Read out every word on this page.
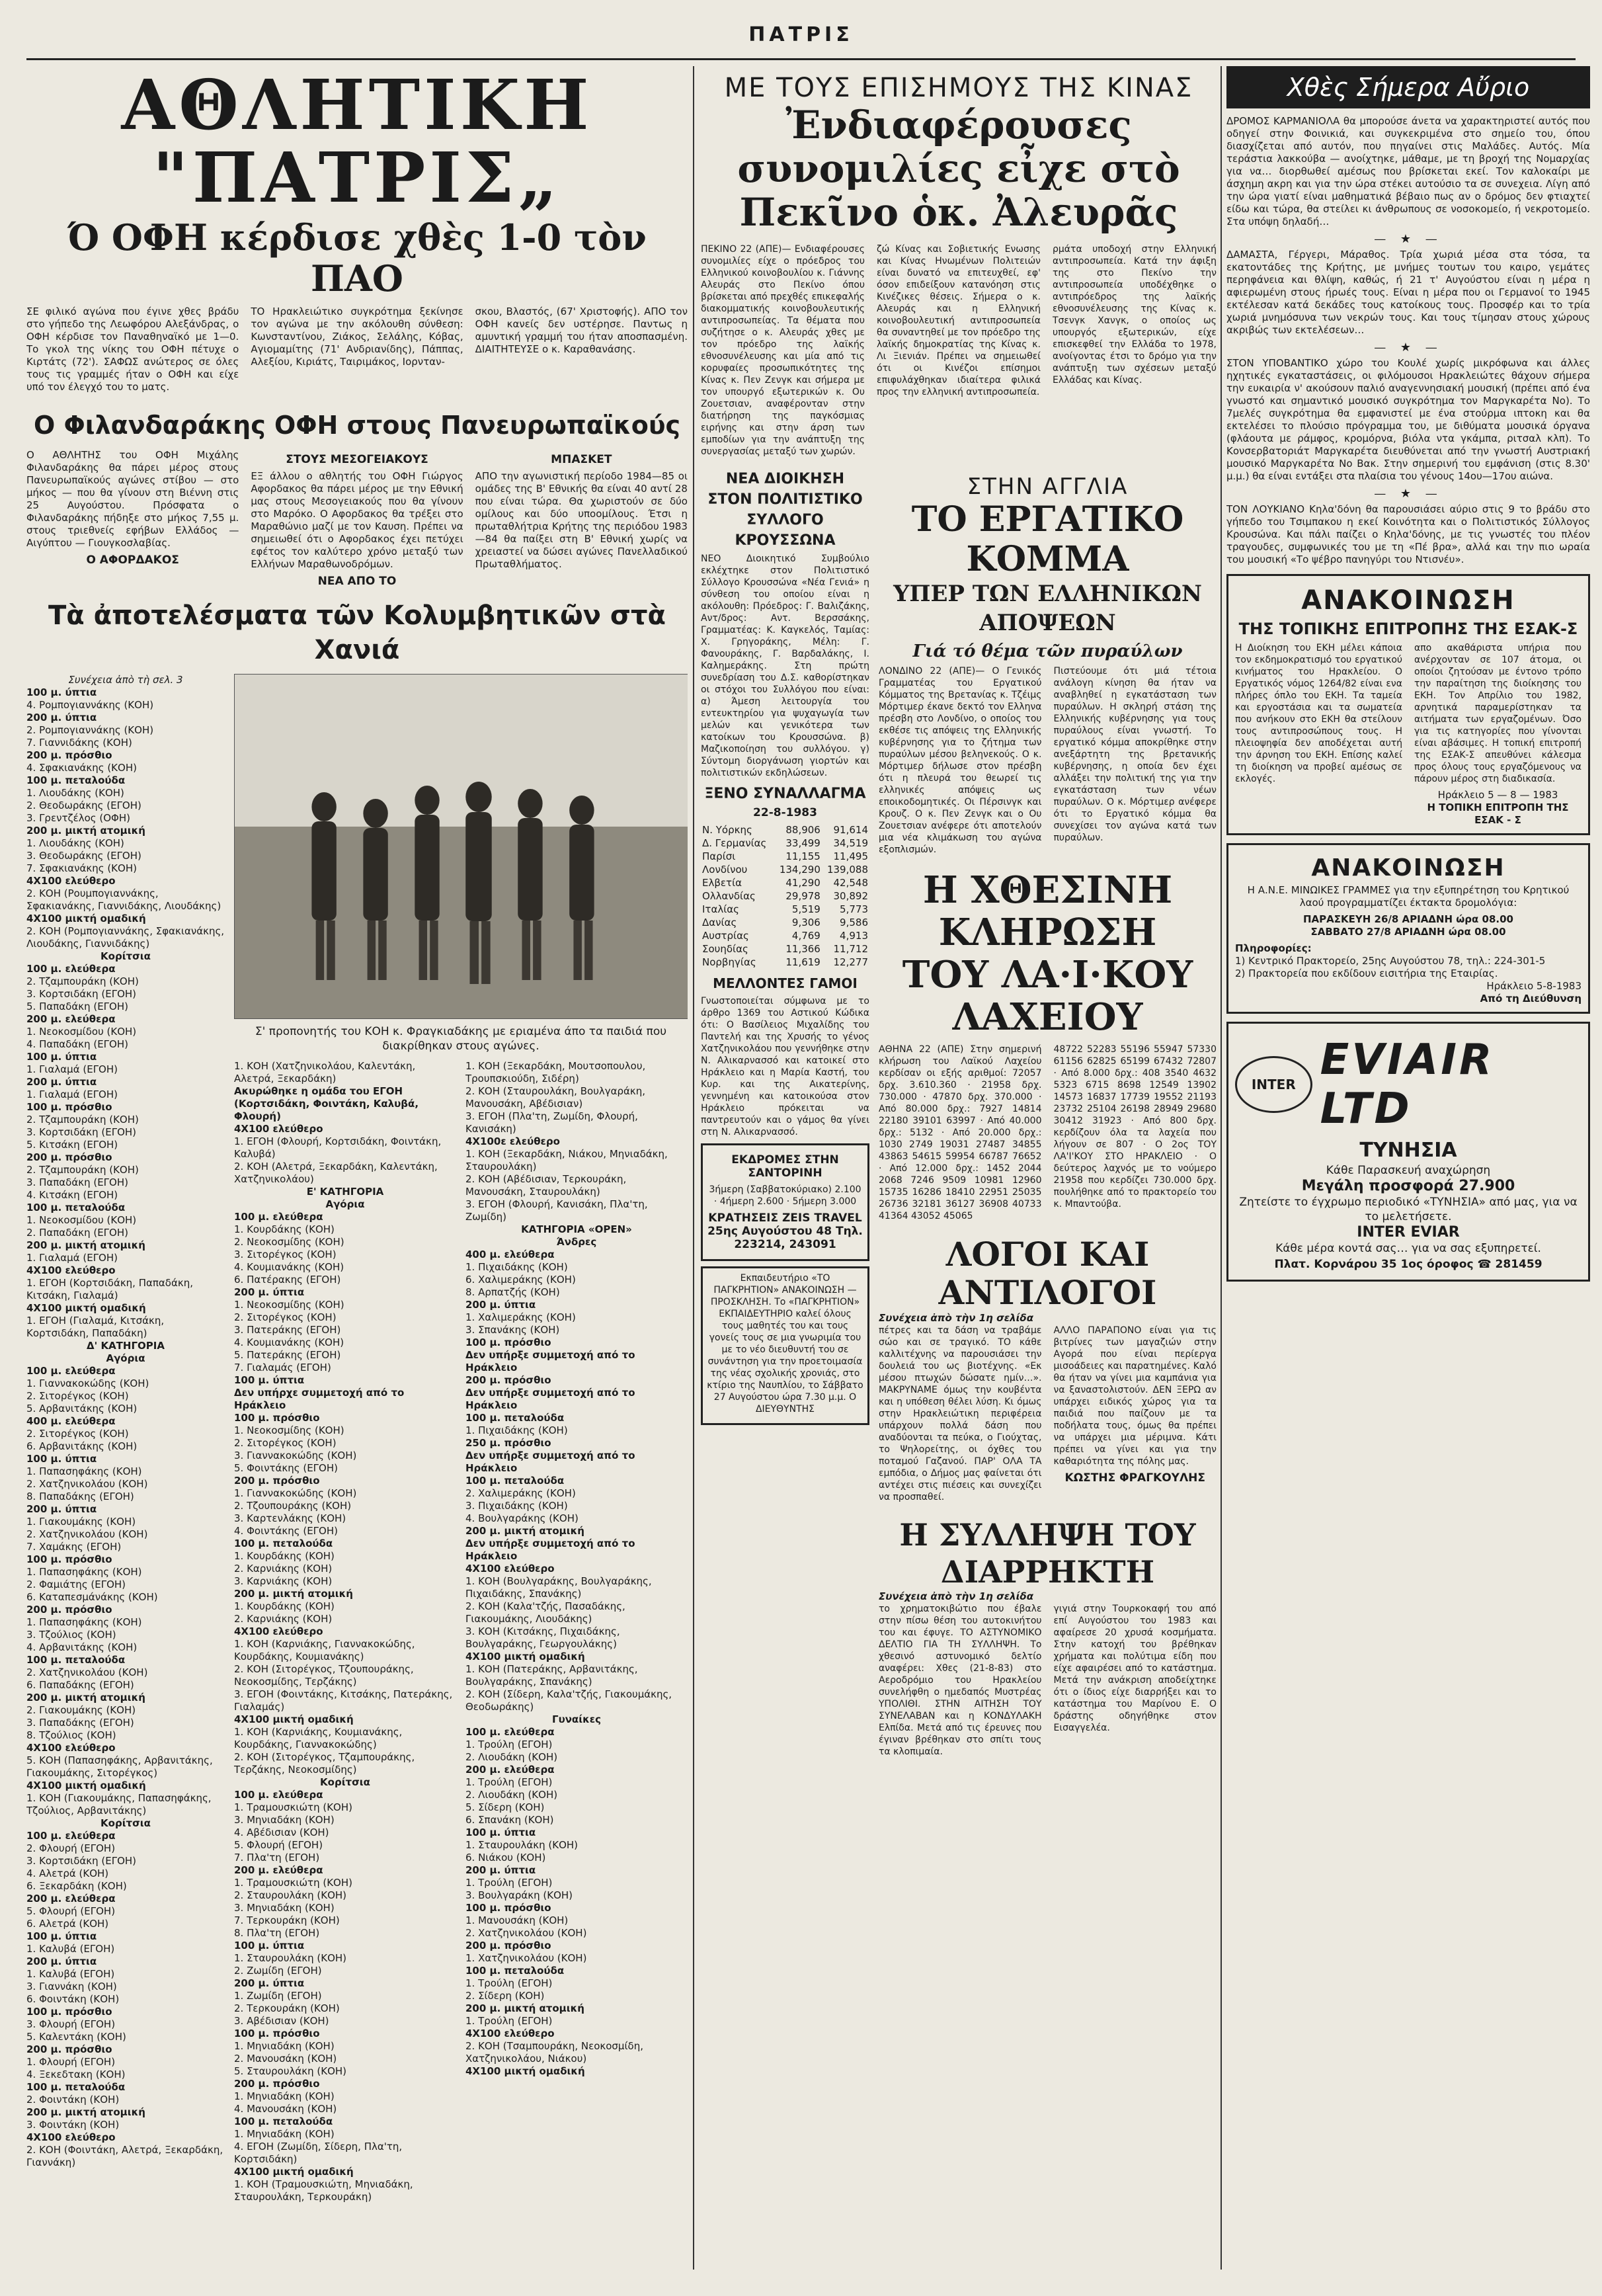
ΠΑΤΡΙΣ
ΑΘΛΗΤΙΚΗ "ΠΑΤΡΙΣ„
Ό ΟΦΗ κέρδισε χθὲς 1-0 τὸν ΠΑΟ

ΣΕ φιλικό αγώνα που έγινε χθες βράδυ στο γήπεδο της Λεωφόρου Αλεξάνδρας, ο ΟΦΗ κέρδισε τον Παναθηναϊκό με 1—0. Το γκολ της νίκης του ΟΦΗ πέτυχε ο Κιρτάτς (72'). ΣΑΦΩΣ ανώτερος σε όλες τους τις γραμμές ήταν ο ΟΦΗ και είχε υπό τον έλεγχό του το ματς.

ΤΟ Ηρακλειώτικο συγκρότημα ξεκίνησε τον αγώνα με την ακόλουθη σύνθεση: Κωνσταντίνου, Ζιάκος, Σελάλης, Κόβας, Αγιομαμίτης (71' Ανδριανίδης), Πάππας, Αλεξίου, Κιριάτς, Ταιριμάκος, Ιορνταν-

σκου, Βλαστός, (67' Χριστοφής). ΑΠΟ τον ΟΦΗ κανείς δεν υστέρησε. Παντως η αμυντική γραμμή του ήταν αποσπασμένη. ΔΙΑΙΤΗΤΕΥΣΕ ο κ. Καραθανάσης.

Ο Φιλανδαράκης ΟΦΗ στους Πανευρωπαϊκούς

Ο ΑΘΛΗΤΗΣ του ΟΦΗ Μιχάλης Φιλανδαράκης θα πάρει μέρος στους Πανευρωπαϊκούς αγώνες στίβου — στο μήκος — που θα γίνουν στη Βιέννη στις 25 Αυγούστου. Πρόσφατα ο Φιλανδαράκης πήδηξε στο μήκος 7,55 μ. στους τριεθνείς εφήβων Ελλάδος — Αιγύπτου — Γιουγκοσλαβίας.

Ο ΑΦΟΡΔΑΚΟΣ
ΣΤΟΥΣ ΜΕΣΟΓΕΙΑΚΟΥΣ

ΕΞ άλλου ο αθλητής του ΟΦΗ Γιώργος Αφορδακος θα πάρει μέρος με την Εθνική μας στους Μεσογειακούς που θα γίνουν στο Μαρόκο. Ο Αφορδακος θα τρέξει στο Μαραθώνιο μαζί με τον Καυση. Πρέπει να σημειωθεί ότι ο Αφορδακος έχει πετύχει εφέτος τον καλύτερο χρόνο μεταξύ των Ελλήνων Μαραθωνοδρόμων.

ΝΕΑ ΑΠΟ ΤΟ
ΜΠΑΣΚΕΤ

ΑΠΟ την αγωνιστική περίοδο 1984—85 οι ομάδες της Β' Εθνικής θα είναι 40 αντί 28 που είναι τώρα. Θα χωριστούν σε δύο ομίλους και δύο υποομίλους. Έτσι η πρωταθλήτρια Κρήτης της περιόδου 1983—84 θα παίξει στη Β' Εθνική χωρίς να χρειαστεί να δώσει αγώνες Πανελλαδικού Πρωταθλήματος.

Τὰ ἀποτελέσματα τῶν Κολυμβητικῶν στὰ Χανιά

Συνέχεια ἀπὸ τὴ σελ. 3

100 μ. ύπτια

4. Ρομπογιαννάκης (ΚΟΗ)

200 μ. ύπτια

2. Ρομπογιαννάκης (ΚΟΗ)

7. Γιαννιδάκης (ΚΟΗ)

200 μ. πρόσθιο

4. Σφακιανάκης (ΚΟΗ)

100 μ. πεταλούδα

1. Λιουδάκης (ΚΟΗ)

2. Θεοδωράκης (ΕΓΟΗ)

3. Γρεντζέλος (ΟΦΗ)

200 μ. μικτή ατομική

1. Λιουδάκης (ΚΟΗ)

3. Θεοδωράκης (ΕΓΟΗ)

7. Σφακιανάκης (ΚΟΗ)

4Χ100 ελεύθερο

2. ΚΟΗ (Ρουμπογιαννάκης, Σφακιανάκης, Γιαννιδάκης, Λιουδάκης)

4Χ100 μικτή ομαδική

2. ΚΟΗ (Ρομπογιαννάκης, Σφακιανάκης, Λιουδάκης, Γιαννιδάκης)

Κορίτσια

100 μ. ελεύθερα

2. Τζαμπουράκη (ΚΟΗ)

3. Κορτσιδάκη (ΕΓΟΗ)

5. Παπαδάκη (ΕΓΟΗ)

200 μ. ελεύθερα

1. Νεοκοσμίδου (ΚΟΗ)

4. Παπαδάκη (ΕΓΟΗ)

100 μ. ύπτια

1. Γιαλαμά (ΕΓΟΗ)

200 μ. ύπτια

1. Γιαλαμά (ΕΓΟΗ)

100 μ. πρόσθιο

2. Τζαμπουράκη (ΚΟΗ)

3. Κορτσιδάκη (ΕΓΟΗ)

5. Κιτσάκη (ΕΓΟΗ)

200 μ. πρόσθιο

2. Τζαμπουράκη (ΚΟΗ)

3. Παπαδάκη (ΕΓΟΗ)

4. Κιτσάκη (ΕΓΟΗ)

100 μ. πεταλούδα

1. Νεοκοσμίδου (ΚΟΗ)

2. Παπαδάκη (ΕΓΟΗ)

200 μ. μικτή ατομική

1. Γιαλαμά (ΕΓΟΗ)

4Χ100 ελεύθερο

1. ΕΓΟΗ (Κορτσιδάκη, Παπαδάκη, Κιτσάκη, Γιαλαμά)

4Χ100 μικτή ομαδική

1. ΕΓΟΗ (Γιαλαμά, Κιτσάκη, Κορτσιδάκη, Παπαδάκη)

Δ' ΚΑΤΗΓΟΡΙΑ

Αγόρια

100 μ. ελεύθερα

1. Γιαννακοκώδης (ΚΟΗ)

2. Σιτορέγκος (ΚΟΗ)

5. Αρβανιτάκης (ΚΟΗ)

400 μ. ελεύθερα

2. Σιτορέγκος (ΚΟΗ)

6. Αρβανιτάκης (ΚΟΗ)

100 μ. ύπτια

1. Παπασηφάκης (ΚΟΗ)

2. Χατζηνικολάου (ΚΟΗ)

8. Παπαδάκης (ΕΓΟΗ)

200 μ. ύπτια

1. Γιακουμάκης (ΚΟΗ)

2. Χατζηνικολάου (ΚΟΗ)

7. Χαμάκης (ΕΓΟΗ)

100 μ. πρόσθιο

1. Παπασηφάκης (ΚΟΗ)

2. Φαμιάτης (ΕΓΟΗ)

6. Καταπεσμάνάκης (ΚΟΗ)

200 μ. πρόσθιο

1. Παπασηφάκης (ΚΟΗ)

3. Τζούλιος (ΚΟΗ)

4. Αρβανιτάκης (ΚΟΗ)

100 μ. πεταλούδα

2. Χατζηνικολάου (ΚΟΗ)

6. Παπαδάκης (ΕΓΟΗ)

200 μ. μικτή ατομική

2. Γιακουμάκης (ΚΟΗ)

3. Παπαδάκης (ΕΓΟΗ)

8. Τζούλιος (ΚΟΗ)

4Χ100 ελεύθερο

5. ΚΟΗ (Παπασηφάκης, Αρβανιτάκης, Γιακουμάκης, Σιτορέγκος)

4Χ100 μικτή ομαδική

1. ΚΟΗ (Γιακουμάκης, Παπασηφάκης, Τζούλιος, Αρβανιτάκης)

Κορίτσια

100 μ. ελεύθερα

2. Φλουρή (ΕΓΟΗ)

3. Κορτσιδάκη (ΕΓΟΗ)

4. Αλετρά (ΚΟΗ)

6. Ξεκαρδάκη (ΚΟΗ)

200 μ. ελεύθερα

5. Φλουρή (ΕΓΟΗ)

6. Αλετρά (ΚΟΗ)

100 μ. ύπτια

1. Καλυβά (ΕΓΟΗ)

200 μ. ύπτια

1. Καλυβά (ΕΓΟΗ)

3. Γιαννάκη (ΚΟΗ)

6. Φοιντάκη (ΚΟΗ)

100 μ. πρόσθιο

3. Φλουρή (ΕΓΟΗ)

5. Καλεντάκη (ΚΟΗ)

200 μ. πρόσθιο

1. Φλουρή (ΕΓΟΗ)

4. Ξεκεδτακη (ΚΟΗ)

100 μ. πεταλούδα

2. Φοιντάκη (ΚΟΗ)

200 μ. μικτή ατομική

3. Φοιντάκη (ΚΟΗ)

4Χ100 ελεύθερο

2. ΚΟΗ (Φοιντάκη, Αλετρά, Ξεκαρδάκη, Γιαννάκη)

Σ' προπονητής του ΚΟΗ κ. Φραγκιαδάκης με εριαμένα άπο τα παιδιά που διακρίθηκαν στους αγώνες.

1. ΚΟΗ (Χατζηνικολάου, Καλεντάκη, Αλετρά, Ξεκαρδάκη)

Ακυρώθηκε η ομάδα του ΕΓΟΗ (Κορτσιδάκη, Φοιντάκη, Καλυβά, Φλουρή)

4Χ100 ελεύθερο

1. ΕΓΟΗ (Φλουρή, Κορτσιδάκη, Φοιντάκη, Καλυβά)

2. ΚΟΗ (Αλετρά, Ξεκαρδάκη, Καλεντάκη, Χατζηνικολάου)

Ε' ΚΑΤΗΓΟΡΙΑ

Αγόρια

100 μ. ελεύθερα

1. Κουρδάκης (ΚΟΗ)

2. Νεοκοσμίδης (ΚΟΗ)

3. Σιτορέγκος (ΚΟΗ)

4. Κουμιανάκης (ΚΟΗ)

6. Πατέρακης (ΕΓΟΗ)

200 μ. ύπτια

1. Νεοκοσμίδης (ΚΟΗ)

2. Σιτορέγκος (ΚΟΗ)

3. Πατεράκης (ΕΓΟΗ)

4. Κουμιανάκης (ΚΟΗ)

5. Πατεράκης (ΕΓΟΗ)

7. Γιαλαμάς (ΕΓΟΗ)

100 μ. ύπτια

Δεν υπήρχε συμμετοχή από το Ηράκλειο

100 μ. πρόσθιο

1. Νεοκοσμίδης (ΚΟΗ)

2. Σιτορέγκος (ΚΟΗ)

3. Γιαννακοκώδης (ΚΟΗ)

5. Φοιντάκης (ΕΓΟΗ)

200 μ. πρόσθιο

1. Γιαννακοκώδης (ΚΟΗ)

2. Τζουπουράκης (ΚΟΗ)

3. Καρτενλάκης (ΚΟΗ)

4. Φοιντάκης (ΕΓΟΗ)

100 μ. πεταλούδα

1. Κουρδάκης (ΚΟΗ)

2. Καρνιάκης (ΚΟΗ)

3. Καρνιάκης (ΚΟΗ)

200 μ. μικτή ατομική

1. Κουρδάκης (ΚΟΗ)

2. Καρνιάκης (ΚΟΗ)

4Χ100 ελεύθερο

1. ΚΟΗ (Καρνιάκης, Γιαννακοκώδης, Κουρδάκης, Κουμιανάκης)

2. ΚΟΗ (Σιτορέγκος, Τζουπουράκης, Νεοκοσμίδης, Τερζάκης)

3. ΕΓΟΗ (Φοιντάκης, Κιτσάκης, Πατεράκης, Γιαλαμάς)

4Χ100 μικτή ομαδική

1. ΚΟΗ (Καρνιάκης, Κουμιανάκης, Κουρδάκης, Γιαννακοκώδης)

2. ΚΟΗ (Σιτορέγκος, Τζαμπουράκης, Τερζάκης, Νεοκοσμίδης)

Κορίτσια

100 μ. ελεύθερα

1. Τραμουσκιώτη (ΚΟΗ)

3. Μηνιαδάκη (ΚΟΗ)

4. Αβέδισιαν (ΚΟΗ)

5. Φλουρή (ΕΓΟΗ)

7. Πλα'τη (ΕΓΟΗ)

200 μ. ελεύθερα

1. Τραμουσκιώτη (ΚΟΗ)

2. Σταυρουλάκη (ΚΟΗ)

3. Μηνιαδάκη (ΚΟΗ)

7. Τερκουράκη (ΚΟΗ)

8. Πλα'τη (ΕΓΟΗ)

100 μ. ύπτια

1. Σταυρουλάκη (ΚΟΗ)

2. Ζωμίδη (ΕΓΟΗ)

200 μ. ύπτια

1. Ζωμίδη (ΕΓΟΗ)

2. Τερκουράκη (ΚΟΗ)

3. Αβέδισιαν (ΚΟΗ)

100 μ. πρόσθιο

1. Μηνιαδάκη (ΚΟΗ)

2. Μανουσάκη (ΚΟΗ)

5. Σταυρουλάκη (ΚΟΗ)

200 μ. πρόσθιο

1. Μηνιαδάκη (ΚΟΗ)

4. Μανουσάκη (ΚΟΗ)

100 μ. πεταλούδα

1. Μηνιαδάκη (ΚΟΗ)

4. ΕΓΟΗ (Ζωμίδη, Σίδερη, Πλα'τη, Κορτσιδάκη)

4Χ100 μικτή ομαδική

1. ΚΟΗ (Τραμουσκιώτη, Μηνιαδάκη, Σταυρουλάκη, Τερκουράκη)

1. ΚΟΗ (Ξεκαρδάκη, Μουτσοπουλου, Τρουπσκιούδη, Σιδέρη)

2. ΚΟΗ (Σταυρουλάκη, Βουλγαράκη, Μανουσάκη, Αβέδισιαν)

3. ΕΓΟΗ (Πλα'τη, Ζωμίδη, Φλουρή, Κανισάκη)

4Χ100ε ελεύθερο

1. ΚΟΗ (Ξεκαρδάκη, Νιάκου, Μηνιαδάκη, Σταυρουλάκη)

2. ΚΟΗ (Αβέδισιαν, Τερκουράκη, Μανουσάκη, Σταυρουλάκη)

3. ΕΓΟΗ (Φλουρή, Κανισάκη, Πλα'τη, Ζωμίδη)

ΚΑΤΗΓΟΡΙΑ «ΟΡΕΝ»

Άνδρες

400 μ. ελεύθερα

1. Πιχαιδάκης (ΚΟΗ)

6. Χαλιμεράκης (ΚΟΗ)

8. Αρπατζής (ΚΟΗ)

200 μ. ύπτια

1. Χαλιμεράκης (ΚΟΗ)

3. Σπανάκης (ΚΟΗ)

100 μ. πρόσθιο

Δεν υπήρξε συμμετοχή από το Ηράκλειο

200 μ. πρόσθιο

Δεν υπήρξε συμμετοχή από το Ηράκλειο

100 μ. πεταλούδα

1. Πιχαιδάκης (ΚΟΗ)

250 μ. πρόσθιο

Δεν υπήρξε συμμετοχή από το Ηράκλειο

100 μ. πεταλούδα

2. Χαλιμεράκης (ΚΟΗ)

3. Πιχαιδάκης (ΚΟΗ)

4. Βουλγαράκης (ΚΟΗ)

200 μ. μικτή ατομική

Δεν υπήρξε συμμετοχή από το Ηράκλειο

4Χ100 ελεύθερο

1. ΚΟΗ (Βουλγαράκης, Βουλγαράκης, Πιχαιδάκης, Σπανάκης)

2. ΚΟΗ (Καλα'τζής, Πασαδάκης, Γιακουμάκης, Λιουδάκης)

3. ΚΟΗ (Κιτσάκης, Πιχαιδάκης, Βουλγαράκης, Γεωργουλάκης)

4Χ100 μικτή ομαδική

1. ΚΟΗ (Πατεράκης, Αρβανιτάκης, Βουλγαράκης, Σπανάκης)

2. ΚΟΗ (Σίδερη, Καλα'τζής, Γιακουμάκης, Θεοδωράκης)

Γυναίκες

100 μ. ελεύθερα

1. Τρούλη (ΕΓΟΗ)

2. Λιουδάκη (ΚΟΗ)

200 μ. ελεύθερα

1. Τρούλη (ΕΓΟΗ)

2. Λιουδάκη (ΚΟΗ)

5. Σίδερη (ΚΟΗ)

6. Σπανάκη (ΚΟΗ)

100 μ. ύπτια

1. Σταυρουλάκη (ΚΟΗ)

6. Νιάκου (ΚΟΗ)

200 μ. ύπτια

1. Τρούλη (ΕΓΟΗ)

3. Βουλγαράκη (ΚΟΗ)

100 μ. πρόσθιο

1. Μανουσάκη (ΚΟΗ)

2. Χατζηνικολάου (ΚΟΗ)

200 μ. πρόσθιο

1. Χατζηνικολάου (ΚΟΗ)

100 μ. πεταλούδα

1. Τρούλη (ΕΓΟΗ)

2. Σίδερη (ΚΟΗ)

200 μ. μικτή ατομική

1. Τρούλη (ΕΓΟΗ)

4Χ100 ελεύθερο

2. ΚΟΗ (Τσαμπουράκη, Νεοκοσμίδη, Χατζηνικολάου, Νιάκου)

4Χ100 μικτή ομαδική

ΜΕ ΤΟΥΣ ΕΠΙΣΗΜΟΥΣ ΤΗΣ ΚΙΝΑΣ
Ἐνδιαφέρουσες συνομιλίες εἶχε στὸ Πεκῖνο ὁκ. Ἀλευρᾶς

ΠΕΚΙΝΟ 22 (ΑΠΕ)— Ενδιαφέρουσες συνομιλίες είχε ο πρόεδρος του Ελληνικού κοινοβουλίου κ. Γιάννης Αλευράς στο Πεκίνο όπου βρίσκεται από πρεχθές επικεφαλής διακομματικής κοινοβουλευτικής αντιπροσωπείας. Τα θέματα που συζήτησε ο κ. Αλευράς χθες με τον πρόεδρο της λαϊκής εθνοσυνέλευσης και μία από τις κορυφαίες προσωπικότητες της Κίνας κ. Πεν Ζενγκ και σήμερα με τον υπουργό εξωτερικών κ. Ου Ζουετσιαν, αναφέρονταν στην διατήρηση της παγκόσμιας ειρήνης και στην άρση των εμποδίων για την ανάπτυξη της συνεργασίας μεταξύ των χωρών.

ζώ Κίνας και Σοβιετικής Ενωσης και Κίνας Ηνωμένων Πολιτειών είναι δυνατό να επιτευχθεί, εφ' όσον επιδείξουν κατανόηση στις Κινέζικες θέσεις. Σήμερα ο κ. Αλευράς και η Ελληνική κοινοβουλευτική αντιπροσωπεία θα συναντηθεί με τον πρόεδρο της λαϊκής δημοκρατίας της Κίνας κ. Λι Ξιενιάν. Πρέπει να σημειωθεί ότι οι Κινέζοι επίσημοι επιφυλάχθηκαν ιδιαίτερα φιλικά προς την ελληνική αντιπροσωπεία.

ρμάτα υποδοχή στην Ελληνική αντιπροσωπεία. Κατά την άφιξη της στο Πεκίνο την αντιπροσωπεία υποδέχθηκε ο αντιπρόεδρος της λαϊκής εθνοσυνέλευσης της Κίνας κ. Τσενγκ Χανγκ, ο οποίος ως υπουργός εξωτερικών, είχε επισκεφθεί την Ελλάδα το 1978, ανοίγοντας έτσι το δρόμο για την ανάπτυξη των σχέσεων μεταξύ Ελλάδας και Κίνας.

ΝΕΑ ΔΙΟΙΚΗΣΗ
ΣΤΟΝ ΠΟΛΙΤΙΣΤΙΚΟ
ΣΥΛΛΟΓΟ
ΚΡΟΥΣΣΩΝΑ

ΝΕΟ Διοικητικό Συμβούλιο εκλέχτηκε στον Πολιτιστικό Σύλλογο Κρουσσώνα «Νέα Γενιά» η σύνθεση του οποίου είναι η ακόλουθη: Πρόεδρος: Γ. Βαλιζάκης, Αντ/δρος: Αντ. Βερσσάκης, Γραμματέας: Κ. Καγκελός, Ταμίας: Χ. Γρηγοράκης, Μέλη: Γ. Φανουράκης, Γ. Βαρδαλάκης, Ι. Καλημεράκης. Στη πρώτη συνεδρίαση του Δ.Σ. καθορίστηκαν οι στόχοι του Συλλόγου που είναι: α) Άμεση λειτουργία του εντευκτηρίου για ψυχαγωγία των μελών και γενικότερα των κατοίκων του Κρουσσώνα. β) Μαζικοποίηση του συλλόγου. γ) Σύντομη διοργάνωση γιορτών και πολιτιστικών εκδηλώσεων.

ΞΕΝΟ ΣΥΝΑΛΛΑΓΜΑ
22-8-1983
Ν. Υόρκης	88,906	91,614
Δ. Γερμανίας	33,499	34,519
Παρίσι	11,155	11,495
Λονδίνου	134,290	139,088
Ελβετία	41,290	42,548
Ολλανδίας	29,978	30,892
Ιταλίας	5,519	5,773
Δανίας	9,306	9,586
Αυστρίας	4,769	4,913
Σουηδίας	11,366	11,712
Νορβηγίας	11,619	12,277
ΜΕΛΛΟΝΤΕΣ ΓΑΜΟΙ

Γνωστοποιείται σύμφωνα με το άρθρο 1369 του Αστικού Κώδικα ότι: Ο Βασίλειος Μιχαλίδης του Παντελή και της Χρυσής το γένος Χατζηνικολάου που γεννήθηκε στην Ν. Αλικαρνασσό και κατοικεί στο Ηράκλειο και η Μαρία Καστή, του Κυρ. και της Αικατερίνης, γεννημένη και κατοικούσα στον Ηράκλειο πρόκειται να παντρευτούν και ο γάμος θα γίνει στη Ν. Αλικαρνασσό.

ΕΚΔΡΟΜΕΣ ΣΤΗΝ ΣΑΝΤΟΡΙΝΗ

3ήμερη (Σαββατοκύριακο) 2.100 · 4ήμερη 2.600 · 5ήμερη 3.000

ΚΡΑΤΗΣΕΙΣ ZEIS TRAVEL 25ης Αυγούστου 48 Τηλ. 223214, 243091

Εκπαιδευτήριο «ΤΟ ΠΑΓΚΡΗΤΙΟΝ» ΑΝΑΚΟΙΝΩΣΗ — ΠΡΟΣΚΛΗΣΗ. Το «ΠΑΓΚΡΗΤΙΟΝ» ΕΚΠΑΙΔΕΥΤΗΡΙΟ καλεί όλους τους μαθητές του και τους γονείς τους σε μια γνωριμία του με το νέο διευθυντή του σε συνάντηση για την προετοιμασία της νέας σχολικής χρονιάς, στο κτίριο της Ναυπλίου, το Σάββατο 27 Αυγούστου ώρα 7.30 μ.μ. Ο ΔΙΕΥΘΥΝΤΗΣ

ΣΤΗΝ ΑΓΓΛΙΑ
ΤΟ ΕΡΓΑΤΙΚΟ ΚΟΜΜΑ
ΥΠΕΡ ΤΩΝ ΕΛΛΗΝΙΚΩΝ ΑΠΟΨΕΩΝ
Γιά τό θέμα τῶν πυραύλων

ΛΟΝΔΙΝΟ 22 (ΑΠΕ)— Ο Γενικός Γραμματέας του Εργατικού Κόμματος της Βρετανίας κ. Τζέιμς Μόρτιμερ έκανε δεκτό τον Ελληνα πρέσβη στο Λονδίνο, ο οποίος του εκθέσε τις απόψεις της Ελληνικής κυβέρνησης για το ζήτημα των πυραύλων μέσου βεληνεκούς. Ο κ. Μόρτιμερ δήλωσε στον πρέσβη ότι η πλευρά του θεωρεί τις ελληνικές απόψεις ως εποικοδομητικές. Οι Πέρσινγκ και Κρουζ. Ο κ. Πεν Ζενγκ και ο Ου Ζουετσιαν ανέφερε ότι αποτελούν μια νέα κλιμάκωση του αγώνα εξοπλισμών.

Πιστεύουμε ότι μιά τέτοια ανάλογη κίνηση θα ήταν να αναβληθεί η εγκατάσταση των πυραύλων. Η σκληρή στάση της Ελληνικής κυβέρνησης για τους πυραύλους είναι γνωστή. Το εργατικό κόμμα αποκρίθηκε στην ανεξάρτητη της βρετανικής κυβέρνησης, η οποία δεν έχει αλλάξει την πολιτική της για την εγκατάσταση των νέων πυραύλων. Ο κ. Μόρτιμερ ανέφερε ότι το Εργατικό κόμμα θα συνεχίσει τον αγώνα κατά των πυραύλων.

Η ΧΘΕΣΙΝΗ ΚΛΗΡΩΣΗ
ΤΟΥ ΛΑ·Ι·ΚΟΥ ΛΑΧΕΙΟΥ

ΑΘΗΝΑ 22 (ΑΠΕ) Στην σημερινή κλήρωση του Λαϊκού Λαχείου κερδίσαν οι εξής αριθμοί: 72057 δρχ. 3.610.360 · 21958 δρχ. 730.000 · 47870 δρχ. 370.000 · Από 80.000 δρχ.: 7927 14814 22180 39101 63997 · Από 40.000 δρχ.: 5132 · Από 20.000 δρχ.: 1030 2749 19031 27487 34855 43863 54615 59954 66787 76652 · Από 12.000 δρχ.: 1452 2044 2068 7246 9509 10981 12960 15735 16286 18410 22951 25035 26736 32181 36127 36908 40733 41364 43052 45065

48722 52283 55196 55947 57330 61156 62825 65199 67432 72807 · Από 8.000 δρχ.: 408 3540 4632 5323 6715 8698 12549 13902 14573 16837 17739 19552 21193 23732 25104 26198 28949 29680 30412 31923 · Από 800 δρχ. κερδίζουν όλα τα λαχεία που λήγουν σε 807 · Ο 2ος ΤΟΥ ΛΑ'Ι'ΚΟΥ ΣΤΟ ΗΡΑΚΛΕΙΟ · Ο δεύτερος λαχνός με το νούμερο 21958 που κερδίζει 730.000 δρχ. πουλήθηκε από το πρακτορείο του κ. Μπαντούβα.

ΛΟΓΟΙ ΚΑΙ ΑΝΤΙΛΟΓΟΙ

Συνέχεια ἀπὸ τὴν 1η σελίδα

πέτρες και τα δάση να τραβάμε σώο και σε τραγικό. ΤΟ κάθε καλλιτέχνης να παρουσιάσει την δουλειά του ως βιοτέχνης. «Εκ μέσου πτωχών δώσατε ημίν…». ΜΑΚΡΥΝΑΜΕ όμως την κουβέντα και η υπόθεση θέλει λύση. Κι όμως στην Ηρακλειώτικη περιφέρεια υπάρχουν πολλά δάση που αναδύονται τα πεύκα, ο Γιούχτας, το Ψηλορείτης, οι όχθες του ποταμού Γαζανού. ΠΑΡ' ΟΛΑ ΤΑ εμπόδια, ο Δήμος μας φαίνεται ότι αντέχει στις πιέσεις και συνεχίζει να προσπαθεί.

ΑΛΛΟ ΠΑΡΑΠΟΝΟ είναι για τις βιτρίνες των μαγαζιών στην Αγορά που είναι περίεργα μισοάδειες και παρατημένες. Καλό θα ήταν να γίνει μια καμπάνια για να ξαναστολιστούν. ΔΕΝ ΞΕΡΩ αν υπάρχει ειδικός χώρος για τα παιδιά που παίζουν με τα ποδήλατα τους, όμως θα πρέπει να υπάρχει μια μέριμνα. Κάτι πρέπει να γίνει και για την καθαριότητα της πόλης μας.

ΚΩΣΤΗΣ ΦΡΑΓΚΟΥΛΗΣ
Η ΣΥΛΛΗΨΗ ΤΟΥ ΔΙΑΡΡΗΚΤΗ

Συνέχεια ἀπὸ τὴν 1η σελίδα

το χρηματοκιβώτιο που έβαλε στην πίσω θέση του αυτοκινήτου του και έφυγε. ΤΟ ΑΣΤΥΝΟΜΙΚΟ ΔΕΛΤΙΟ ΓΙΑ ΤΗ ΣΥΛΛΗΨΗ. Το χθεσινό αστυνομικό δελτίο αναφέρει: Χθες (21-8-83) στο Αεροδρόμιο του Ηρακλείου συνελήφθη ο ημεδαπός Μυστρέας ΥΠΟΛΙΘΙ. ΣΤΗΝ ΑΙΤΗΣΗ ΤΟΥ ΣΥΝΕΛΑΒΑΝ και η ΚΟΝΔΥΛΑΚΗ Ελπίδα. Μετά από τις έρευνες που έγιναν βρέθηκαν στο σπίτι τους τα κλοπιμαία.

γιγιά στην Τουρκοκαφή του από επί Αυγούστου του 1983 και αφαίρεσε 20 χρυσά κοσμήματα. Στην κατοχή του βρέθηκαν χρήματα και πολύτιμα είδη που είχε αφαιρέσει από το κατάστημα. Μετά την ανάκριση αποδείχτηκε ότι ο ίδιος είχε διαρρήξει και το κατάστημα του Μαρίνου Ε. Ο δράστης οδηγήθηκε στον Εισαγγελέα.

Χθὲς Σήμερα Αὔριο

ΔΡΟΜΟΣ ΚΑΡΜΑΝΙΟΛΑ θα μπορούσε άνετα να χαρακτηριστεί αυτός που οδηγεί στην Φοινικιά, και συγκεκριμένα στο σημείο του, όπου διασχίζεται από αυτόν, που πηγαίνει στις Μαλάδες. Αυτός. Μία τεράστια λακκούβα — ανοίχτηκε, μάθαμε, με τη βροχή της Νομαρχίας για να… διορθωθεί αμέσως που βρίσκεται εκεί. Τον καλοκαίρι με άσχημη ακρη και για την ώρα στέκει αυτούσιο τα σε συνεχεια. Λίγη από την ώρα γιατί είναι μαθηματικά βέβαιο πως αν ο δρόμος δεν φτιαχτεί είδω και τώρα, θα στείλει κι άνθρωπους σε νοσοκομείο, ή νεκροτομείο. Στα υπόψη δηλαδή…

— ★ —

ΔΑΜΑΣΤΑ, Γέργερι, Μάραθος. Τρία χωριά μέσα στα τόσα, τα εκατοντάδες της Κρήτης, με μνήμες τουτων του καιρο, γεμάτες περηφάνεια και θλίψη, καθώς, ή 21 τ' Αυγούστου είναι η μέρα η αφιερωμένη στους ήρωές τους. Είναι η μέρα που οι Γερμανοί το 1945 εκτέλεσαν κατά δεκάδες τους κατοίκους τους. Προσφέρ και το τρία χωριά μνημόσυνα των νεκρών τους. Και τους τίμησαν στους χώρους ακριβώς των εκτελέσεων…

— ★ —

ΣΤΟΝ ΥΠΟΒΑΝΤΙΚΟ χώρο του Κουλέ χωρίς μικρόφωνα και άλλες ηχητικές εγκαταστάσεις, οι φιλόμουσοι Ηρακλειώτες θάχουν σήμερα την ευκαιρία ν' ακούσουν παλιό αναγεννησιακή μουσική (πρέπει από ένα γνωστό και σημαντικό μουσικό συγκρότημα τον Μαργκαρέτα Νο). Το 7μελές συγκρότημα θα εμφανιστεί με ένα στούρμα ιπτοκη και θα εκτελέσει το πλούσιο πρόγραμμα του, με διθύματα μουσικά όργανα (φλάουτα με ράμφος, κρομόρνα, βιόλα ντα γκάμπα, ριτσαλ κλπ). Το Κονσερβατοριάτ Μαργκαρέτα διευθύνεται από την γνωστή Αυστριακή μουσικό Μαργκαρέτα Νο Βακ. Στην σημερινή του εμφάνιση (στις 8.30' μ.μ.) θα είναι εντάξει στα πλαίσια του γένους 14ου—17ου αιώνα.

— ★ —

ΤΟΝ ΛΟΥΚΙΑΝΟ Κηλα'δόνη θα παρουσιάσει αύριο στις 9 το βράδυ στο γήπεδο του Τσιμπακου η εκεί Κοινότητα και ο Πολιτιστικός Σύλλογος Κρουσώνα. Και πάλι παίζει ο Κηλα'δόνης, με τις γνωστές του πλέον τραγουδες, συμφωνικές του με τη «Πέ βρα», αλλά και την πιο ωραία του μουσική «Το ψέβρο πανηγύρι του Ντισνέυ».

ΑΝΑΚΟΙΝΩΣΗ
ΤΗΣ ΤΟΠΙΚΗΣ ΕΠΙΤΡΟΠΗΣ ΤΗΣ ΕΣΑΚ-Σ

Η Διοίκηση του ΕΚΗ μέλει κάποια τον εκδημοκρατισμό του εργατικού κινήματος του Ηρακλείου. Ο Εργατικός νόμος 1264/82 είναι ενα πλήρες όπλο του ΕΚΗ. Τα ταμεία και εργοστάσια και τα σωματεία που ανήκουν στο ΕΚΗ θα στείλουν τους αντιπροσώπους τους. Η πλειοψηφία δεν αποδέχεται αυτή την άρνηση του ΕΚΗ. Επίσης καλεί τη διοίκηση να προβεί αμέσως σε εκλογές.

απο ακαθάριστα υπήρια που ανέρχονταν σε 107 άτομα, οι οποίοι ζητούσαν με έντονο τρόπο την παραίτηση της διοίκησης του ΕΚΗ. Τον Απρίλιο του 1982, αρνητικά παραμερίστηκαν τα αιτήματα των εργαζομένων. Όσο για τις κατηγορίες που γίνονται είναι αβάσιμες. Η τοπική επιτροπή της ΕΣΑΚ-Σ απευθύνει κάλεσμα προς όλους τους εργαζόμενους να πάρουν μέρος στη διαδικασία.

Ηράκλειο 5 — 8 — 1983

Η ΤΟΠΙΚΗ ΕΠΙΤΡΟΠΗ ΤΗΣ ΕΣΑΚ - Σ

ΑΝΑΚΟΙΝΩΣΗ

Η Α.Ν.Ε. ΜΙΝΩΙΚΕΣ ΓΡΑΜΜΕΣ για την εξυπηρέτηση του Κρητικού λαού προγραμματίζει έκτακτα δρομολόγια:

ΠΑΡΑΣΚΕΥΗ 26/8 ΑΡΙΑΔΝΗ ώρα 08.00

ΣΑΒΒΑΤΟ 27/8 ΑΡΙΑΔΝΗ ώρα 08.00

Πληροφορίες:

1) Κεντρικό Πρακτορείο, 25ης Αυγούστου 78, τηλ.: 224-301-5

2) Πρακτορεία που εκδίδουν εισιτήρια της Εταιρίας.

Ηράκλειο 5-8-1983

Από τη Διεύθυνση

INTER EVIAIR LTD
ΤΥΝΗΣΙΑ

Κάθε Παρασκευή αναχώρηση

Μεγάλη προσφορά 27.900

Ζητείστε το έγχρωμο περιοδικό «ΤΥΝΗΣΙΑ» από μας, για να το μελετήσετε.

INTER EVIAR

Κάθε μέρα κοντά σας… για να σας εξυπηρετεί.

Πλατ. Κορνάρου 35 1ος όροφος ☎ 281459
